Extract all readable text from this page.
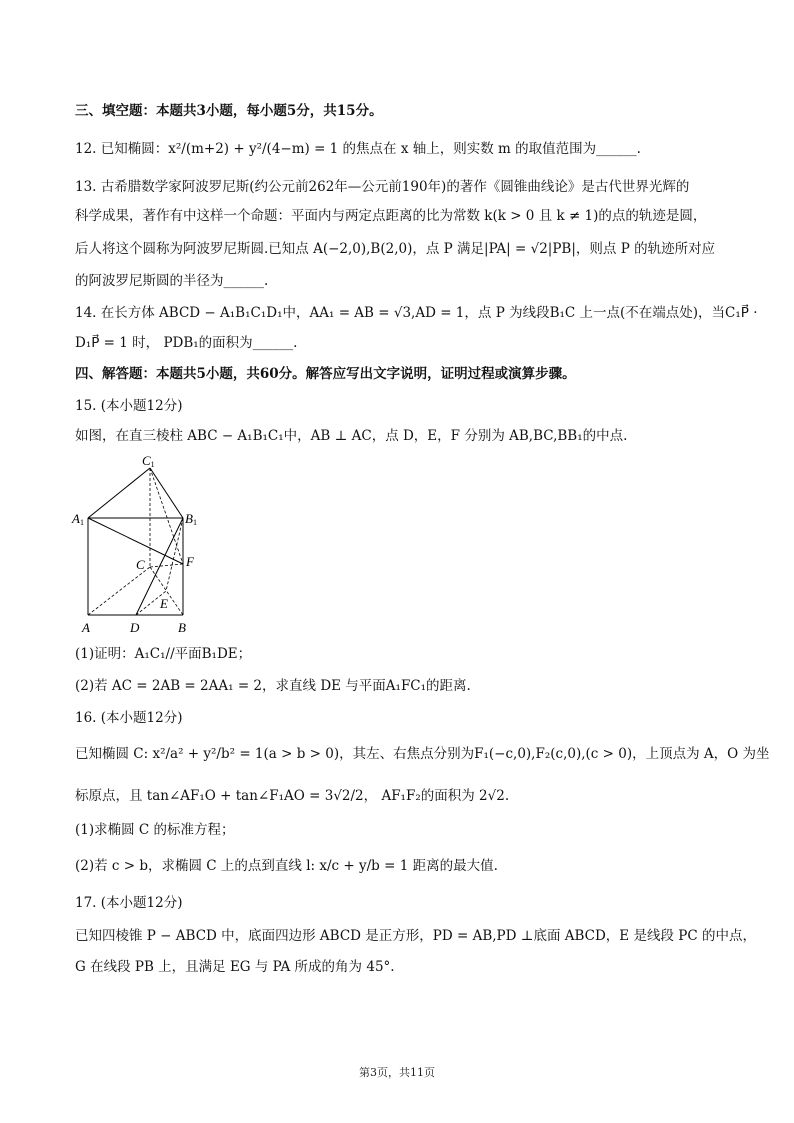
三、填空题：本题共3小题，每小题5分，共15分。
12. 已知椭圆：x²/(m+2) + y²/(4−m) = 1 的焦点在 x 轴上，则实数 m 的取值范围为______.
13. 古希腊数学家阿波罗尼斯(约公元前262年—公元前190年)的著作《圆锥曲线论》是古代世界光辉的
科学成果，著作有中这样一个命题：平面内与两定点距离的比为常数 k(k > 0 且 k ≠ 1)的点的轨迹是圆，
后人将这个圆称为阿波罗尼斯圆.已知点 A(−2,0),B(2,0)，点 P 满足|PA| = √2|PB|，则点 P 的轨迹所对应
的阿波罗尼斯圆的半径为______.
14. 在长方体 ABCD − A₁B₁C₁D₁中，AA₁ = AB = √3,AD = 1，点 P 为线段B₁C 上一点(不在端点处)，当C₁P⃗ ·
D₁P⃗ = 1 时， PDB₁的面积为______.
四、解答题：本题共5小题，共60分。解答应写出文字说明，证明过程或演算步骤。
15. (本小题12分)
如图，在直三棱柱 ABC − A₁B₁C₁中，AB ⊥ AC，点 D，E，F 分别为 AB,BC,BB₁的中点.
C1
A1	B1
F
C
E
A	D	B
(1)证明：A₁C₁//平面B₁DE；
(2)若 AC = 2AB = 2AA₁ = 2，求直线 DE 与平面A₁FC₁的距离.
16. (本小题12分)
已知椭圆 C: x²/a² + y²/b² = 1(a > b > 0)，其左、右焦点分别为F₁(−c,0),F₂(c,0),(c > 0)，上顶点为 A，O 为坐
标原点，且 tan∠AF₁O + tan∠F₁AO = 3√2/2， AF₁F₂的面积为 2√2.
(1)求椭圆 C 的标准方程；
(2)若 c > b，求椭圆 C 上的点到直线 l: x/c + y/b = 1 距离的最大值.
17. (本小题12分)
已知四棱锥 P − ABCD 中，底面四边形 ABCD 是正方形，PD = AB,PD ⊥底面 ABCD，E 是线段 PC 的中点，
G 在线段 PB 上，且满足 EG 与 PA 所成的角为 45°.
第3页，共11页
